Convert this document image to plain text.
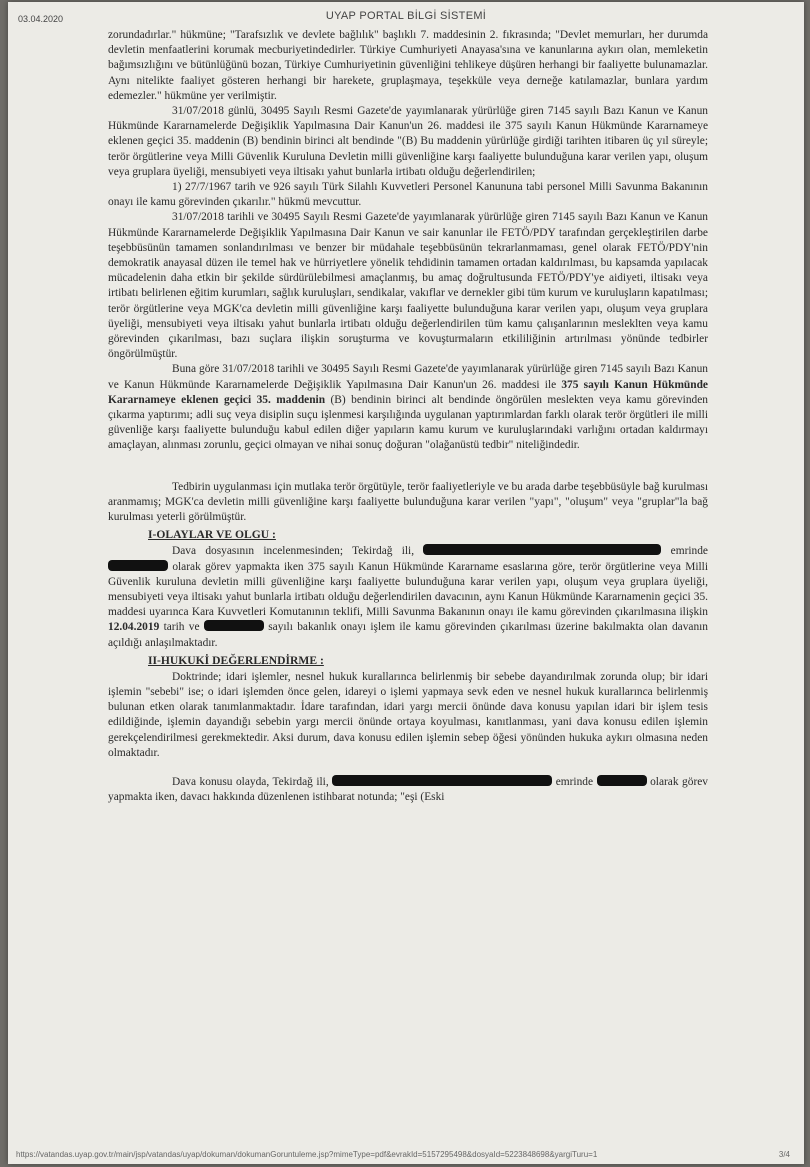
03.04.2020	UYAP PORTAL BİLGİ SİSTEMİ

zorundadırlar." hükmüne; "Tarafsızlık ve devlete bağlılık" başlıklı 7. maddesinin 2. fıkrasında; "Devlet memurları, her durumda devletin menfaatlerini korumak mecburiyetindedirler. Türkiye Cumhuriyeti Anayasa'sına ve kanunlarına aykırı olan, memleketin bağımsızlığını ve bütünlüğünü bozan, Türkiye Cumhuriyetinin güvenliğini tehlikeye düşüren herhangi bir faaliyette bulunamazlar. Aynı nitelikte faaliyet gösteren herhangi bir harekete, gruplaşmaya, teşekküle veya derneğe katılamazlar, bunlara yardım edemezler." hükmüne yer verilmiştir.

31/07/2018 günlü, 30495 Sayılı Resmi Gazete'de yayımlanarak yürürlüğe giren 7145 sayılı Bazı Kanun ve Kanun Hükmünde Kararnamelerde Değişiklik Yapılmasına Dair Kanun'un 26. maddesi ile 375 sayılı Kanun Hükmünde Kararnameye eklenen geçici 35. maddenin (B) bendinin birinci alt bendinde "(B) Bu maddenin yürürlüğe girdiği tarihten itibaren üç yıl süreyle; terör örgütlerine veya Milli Güvenlik Kuruluna Devletin milli güvenliğine karşı faaliyette bulunduğuna karar verilen yapı, oluşum veya gruplara üyeliği, mensubiyeti veya iltisakı yahut bunlarla irtibatı olduğu değerlendirilen;

1) 27/7/1967 tarih ve 926 sayılı Türk Silahlı Kuvvetleri Personel Kanununa tabi personel Milli Savunma Bakanının onayı ile kamu görevinden çıkarılır." hükmü mevcuttur.

31/07/2018 tarihli ve 30495 Sayılı Resmi Gazete'de yayımlanarak yürürlüğe giren 7145 sayılı Bazı Kanun ve Kanun Hükmünde Kararnamelerde Değişiklik Yapılmasına Dair Kanun ve sair kanunlar ile FETÖ/PDY tarafından gerçekleştirilen darbe teşebbüsünün tamamen sonlandırılması ve benzer bir müdahale teşebbüsünün tekrarlanmaması, genel olarak FETÖ/PDY'nin demokratik anayasal düzen ile temel hak ve hürriyetlere yönelik tehdidinin tamamen ortadan kaldırılması, bu kapsamda yapılacak mücadelenin daha etkin bir şekilde sürdürülebilmesi amaçlanmış, bu amaç doğrultusunda FETÖ/PDY'ye aidiyeti, iltisakı veya irtibatı belirlenen eğitim kurumları, sağlık kuruluşları, sendikalar, vakıflar ve dernekler gibi tüm kurum ve kuruluşların kapatılması; terör örgütlerine veya MGK'ca devletin milli güvenliğine karşı faaliyette bulunduğuna karar verilen yapı, oluşum veya gruplara üyeliği, mensubiyeti veya iltisakı yahut bunlarla irtibatı olduğu değerlendirilen tüm kamu çalışanlarının mesleklten veya kamu görevinden çıkarılması, bazı suçlara ilişkin soruşturma ve kovuşturmaların etkililiğinin artırılması yönünde tedbirler öngörülmüştür.

Buna göre 31/07/2018 tarihli ve 30495 Sayılı Resmi Gazete'de yayımlanarak yürürlüğe giren 7145 sayılı Bazı Kanun ve Kanun Hükmünde Kararnamelerde Değişiklik Yapılmasına Dair Kanun'un 26. maddesi ile 375 sayılı Kanun Hükmünde Kararnameye eklenen geçici 35. maddenin (B) bendinin birinci alt bendinde öngörülen meslekten veya kamu görevinden çıkarma yaptırımı; adli suç veya disiplin suçu işlenmesi karşılığında uygulanan yaptırımlardan farklı olarak terör örgütleri ile milli güvenliğe karşı faaliyette bulunduğu kabul edilen diğer yapıların kamu kurum ve kuruluşlarındaki varlığını ortadan kaldırmayı amaçlayan, alınması zorunlu, geçici olmayan ve nihai sonuç doğuran "olağanüstü tedbir" niteliğindedir.

Tedbirin uygulanması için mutlaka terör örgütüyle, terör faaliyetleriyle ve bu arada darbe teşebbüsüyle bağ kurulması aranmamış; MGK'ca devletin milli güvenliğine karşı faaliyette bulunduğuna karar verilen "yapı", "oluşum" veya "gruplar"la bağ kurulması yeterli görülmüştür.

I-OLAYLAR VE OLGU :

Dava dosyasının incelenmesinden; Tekirdağ ili,	emrinde  olarak görev yapmakta iken 375 sayılı Kanun Hükmünde Kararname esaslarına göre, terör örgütlerine veya Milli Güvenlik kuruluna devletin milli güvenliğine karşı faaliyette bulunduğuna karar verilen yapı, oluşum veya gruplara üyeliği, mensubiyeti veya iltisakı yahut bunlarla irtibatı olduğu değerlendirilen davacının, aynı Kanun Hükmünde Kararnamenin geçici 35. maddesi uyarınca Kara Kuvvetleri Komutanının teklifi, Milli Savunma Bakanının onayı ile kamu görevinden çıkarılmasına ilişkin 12.04.2019 tarih ve	sayılı bakanlık onayı işlem ile kamu görevinden çıkarılması üzerine bakılmakta olan davanın açıldığı anlaşılmaktadır.

II-HUKUKİ DEĞERLENDİRME :

Doktrinde; idari işlemler, nesnel hukuk kurallarınca belirlenmiş bir sebebe dayandırılmak zorunda olup; bir idari işlemin "sebebi" ise; o idari işlemden önce gelen, idareyi o işlemi yapmaya sevk eden ve nesnel hukuk kurallarınca belirlenmiş bulunan etken olarak tanımlanmaktadır. İdare tarafından, idari yargı mercii önünde dava konusu yapılan idari bir işlem tesis edildiğinde, işlemin dayandığı sebebin yargı mercii önünde ortaya koyulması, kanıtlanması, yani dava konusu edilen işlemin gerekçelendirilmesi gerekmektedir. Aksi durum, dava konusu edilen işlemin sebep öğesi yönünden hukuka aykırı olmasına neden olmaktadır.

Dava konusu olayda, Tekirdağ ili,	emrinde	olarak görev yapmakta iken, davacı hakkında düzenlenen istihbarat notunda; "eşi (Eski

https://vatandas.uyap.gov.tr/main/jsp/vatandas/uyap/dokuman/dokumanGoruntuleme.jsp?mimeType=pdf&evrakId=5157295498&dosyaId=5223848698&yargiTuru=1	3/4
